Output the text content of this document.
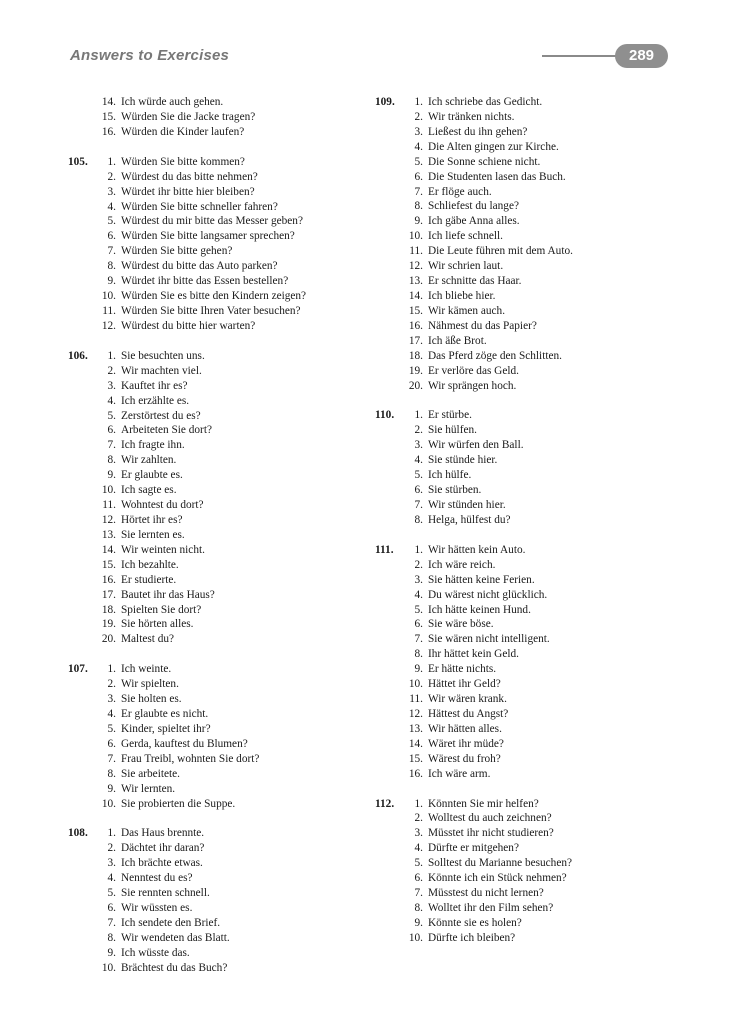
Answers to Exercises	289
14. Ich würde auch gehen.
15. Würden Sie die Jacke tragen?
16. Würden die Kinder laufen?
105.	1. Würden Sie bitte kommen?
2. Würdest du das bitte nehmen?
3. Würdet ihr bitte hier bleiben?
4. Würden Sie bitte schneller fahren?
5. Würdest du mir bitte das Messer geben?
6. Würden Sie bitte langsamer sprechen?
7. Würden Sie bitte gehen?
8. Würdest du bitte das Auto parken?
9. Würdet ihr bitte das Essen bestellen?
10. Würden Sie es bitte den Kindern zeigen?
11. Würden Sie bitte Ihren Vater besuchen?
12. Würdest du bitte hier warten?
106.	1. Sie besuchten uns.
2. Wir machten viel.
3. Kauftet ihr es?
4. Ich erzählte es.
5. Zerstörtest du es?
6. Arbeiteten Sie dort?
7. Ich fragte ihn.
8. Wir zahlten.
9. Er glaubte es.
10. Ich sagte es.
11. Wohntest du dort?
12. Hörtet ihr es?
13. Sie lernten es.
14. Wir weinten nicht.
15. Ich bezahlte.
16. Er studierte.
17. Bautet ihr das Haus?
18. Spielten Sie dort?
19. Sie hörten alles.
20. Maltest du?
107.	1. Ich weinte.
2. Wir spielten.
3. Sie holten es.
4. Er glaubte es nicht.
5. Kinder, spieltet ihr?
6. Gerda, kauftest du Blumen?
7. Frau Treibl, wohnten Sie dort?
8. Sie arbeitete.
9. Wir lernten.
10. Sie probierten die Suppe.
108.	1. Das Haus brennte.
2. Dächtet ihr daran?
3. Ich brächte etwas.
4. Nenntest du es?
5. Sie rennten schnell.
6. Wir wüssten es.
7. Ich sendete den Brief.
8. Wir wendeten das Blatt.
9. Ich wüsste das.
10. Brächtest du das Buch?
109.	1. Ich schriebe das Gedicht.
2. Wir tränken nichts.
3. Ließest du ihn gehen?
4. Die Alten gingen zur Kirche.
5. Die Sonne schiene nicht.
6. Die Studenten lasen das Buch.
7. Er flöge auch.
8. Schliefest du lange?
9. Ich gäbe Anna alles.
10. Ich liefe schnell.
11. Die Leute führen mit dem Auto.
12. Wir schrien laut.
13. Er schnitte das Haar.
14. Ich bliebe hier.
15. Wir kämen auch.
16. Nähmest du das Papier?
17. Ich äße Brot.
18. Das Pferd zöge den Schlitten.
19. Er verlöre das Geld.
20. Wir sprängen hoch.
110.	1. Er stürbe.
2. Sie hülfen.
3. Wir würfen den Ball.
4. Sie stünde hier.
5. Ich hülfe.
6. Sie stürben.
7. Wir stünden hier.
8. Helga, hülfest du?
111.	1. Wir hätten kein Auto.
2. Ich wäre reich.
3. Sie hätten keine Ferien.
4. Du wärest nicht glücklich.
5. Ich hätte keinen Hund.
6. Sie wäre böse.
7. Sie wären nicht intelligent.
8. Ihr hättet kein Geld.
9. Er hätte nichts.
10. Hättet ihr Geld?
11. Wir wären krank.
12. Hättest du Angst?
13. Wir hätten alles.
14. Wäret ihr müde?
15. Wärest du froh?
16. Ich wäre arm.
112.	1. Könnten Sie mir helfen?
2. Wolltest du auch zeichnen?
3. Müsstet ihr nicht studieren?
4. Dürfte er mitgehen?
5. Solltest du Marianne besuchen?
6. Könnte ich ein Stück nehmen?
7. Müsstest du nicht lernen?
8. Wolltet ihr den Film sehen?
9. Könnte sie es holen?
10. Dürfte ich bleiben?
